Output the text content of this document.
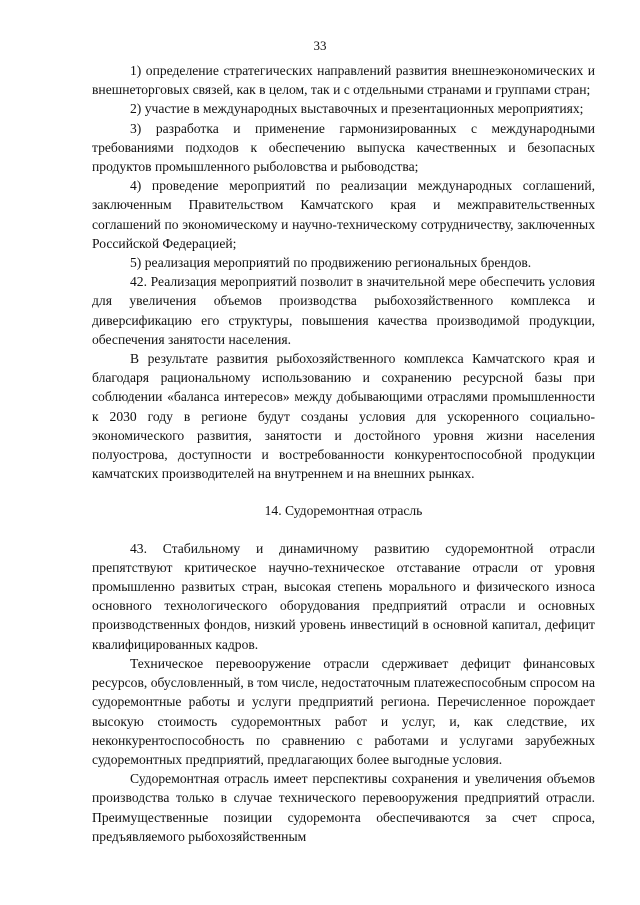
33

1) определение стратегических направлений развития внешнеэкономических и внешнеторговых связей, как в целом, так и с отдельными странами и группами стран;

2) участие в международных выставочных и презентационных мероприятиях;

3) разработка и применение гармонизированных с международными требованиями подходов к обеспечению выпуска качественных и безопасных продуктов промышленного рыболовства и рыбоводства;

4) проведение мероприятий по реализации международных соглашений, заключенным Правительством Камчатского края и межправительственных соглашений по экономическому и научно-техническому сотрудничеству, заключенных Российской Федерацией;

5) реализация мероприятий по продвижению региональных брендов.

42. Реализация мероприятий позволит в значительной мере обеспечить условия для увеличения объемов производства рыбохозяйственного комплекса и диверсификацию его структуры, повышения качества производимой продукции, обеспечения занятости населения.

В результате развития рыбохозяйственного комплекса Камчатского края и благодаря рациональному использованию и сохранению ресурсной базы при соблюдении «баланса интересов» между добывающими отраслями промышленности к 2030 году в регионе будут созданы условия для ускоренного социально-экономического развития, занятости и достойного уровня жизни населения полуострова, доступности и востребованности конкурентоспособной продукции камчатских производителей на внутреннем и на внешних рынках.

14. Судоремонтная отрасль

43. Стабильному и динамичному развитию судоремонтной отрасли препятствуют критическое научно-техническое отставание отрасли от уровня промышленно развитых стран, высокая степень морального и физического износа основного технологического оборудования предприятий отрасли и основных производственных фондов, низкий уровень инвестиций в основной капитал, дефицит квалифицированных кадров.

Техническое перевооружение отрасли сдерживает дефицит финансовых ресурсов, обусловленный, в том числе, недостаточным платежеспособным спросом на судоремонтные работы и услуги предприятий региона. Перечисленное порождает высокую стоимость судоремонтных работ и услуг, и, как следствие, их неконкурентоспособность по сравнению с работами и услугами зарубежных судоремонтных предприятий, предлагающих более выгодные условия.

Судоремонтная отрасль имеет перспективы сохранения и увеличения объемов производства только в случае технического перевооружения предприятий отрасли. Преимущественные позиции судоремонта обеспечиваются за счет спроса, предъявляемого рыбохозяйственным
